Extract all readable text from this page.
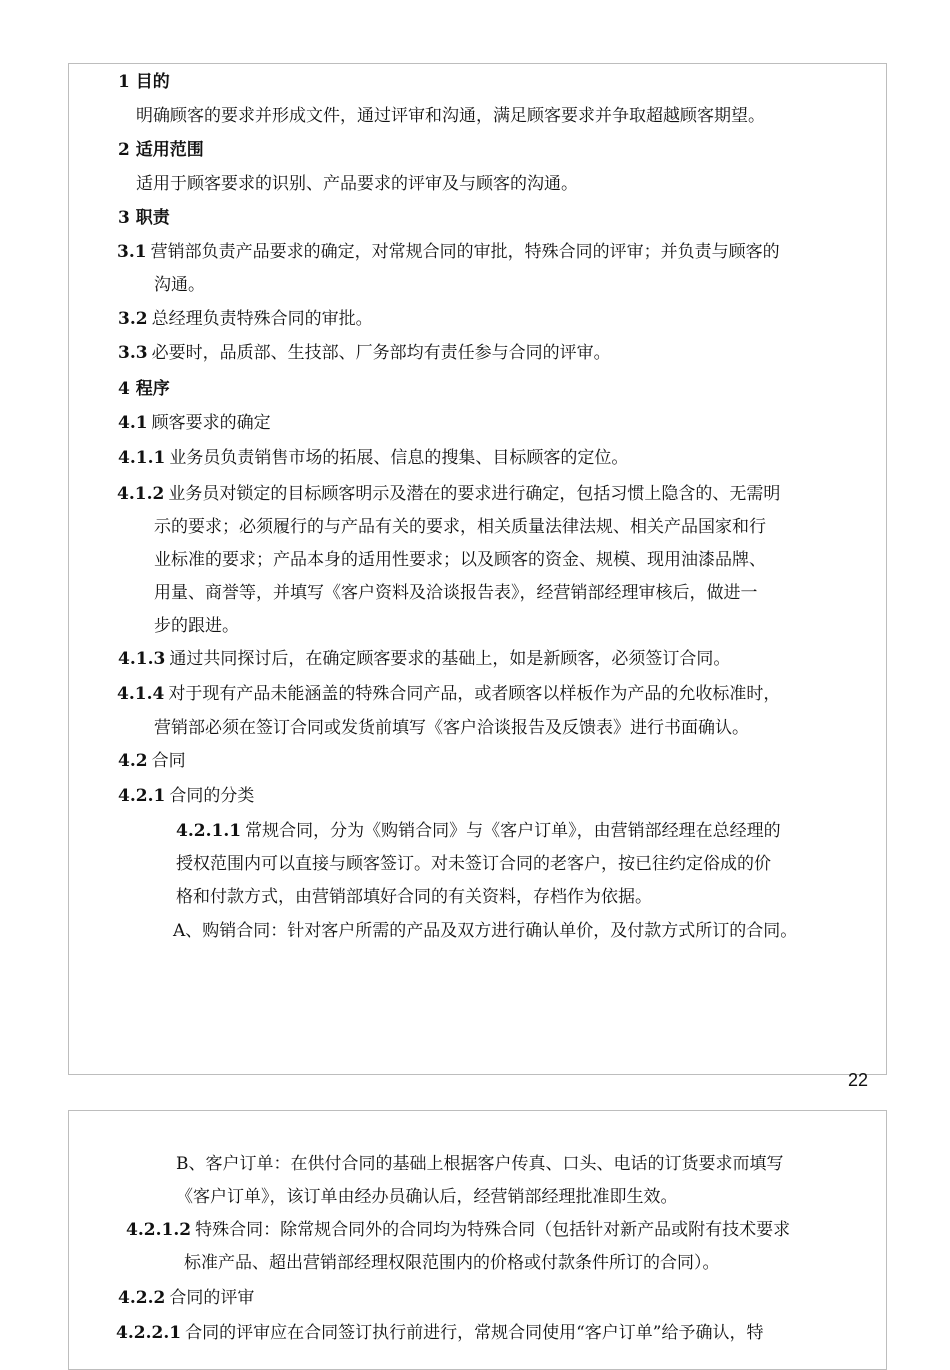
22
1 目的
明确顾客的要求并形成文件，通过评审和沟通，满足顾客要求并争取超越顾客期望。
2 适用范围
适用于顾客要求的识别、产品要求的评审及与顾客的沟通。
3 职责
3.1 营销部负责产品要求的确定，对常规合同的审批，特殊合同的评审；并负责与顾客的
沟通。
3.2 总经理负责特殊合同的审批。
3.3 必要时，品质部、生技部、厂务部均有责任参与合同的评审。
4 程序
4.1 顾客要求的确定
4.1.1 业务员负责销售市场的拓展、信息的搜集、目标顾客的定位。
4.1.2 业务员对锁定的目标顾客明示及潜在的要求进行确定，包括习惯上隐含的、无需明
示的要求；必须履行的与产品有关的要求，相关质量法律法规、相关产品国家和行
业标准的要求；产品本身的适用性要求；以及顾客的资金、规模、现用油漆品牌、
用量、商誉等，并填写《客户资料及洽谈报告表》，经营销部经理审核后，做进一
步的跟进。
4.1.3 通过共同探讨后，在确定顾客要求的基础上，如是新顾客，必须签订合同。
4.1.4 对于现有产品未能涵盖的特殊合同产品，或者顾客以样板作为产品的允收标准时，
营销部必须在签订合同或发货前填写《客户洽谈报告及反馈表》进行书面确认。
4.2 合同
4.2.1 合同的分类
4.2.1.1 常规合同，分为《购销合同》与《客户订单》，由营销部经理在总经理的
授权范围内可以直接与顾客签订。对未签订合同的老客户，按已往约定俗成的价
格和付款方式，由营销部填好合同的有关资料，存档作为依据。
A、购销合同：针对客户所需的产品及双方进行确认单价，及付款方式所订的合同。
B、客户订单：在供付合同的基础上根据客户传真、口头、电话的订货要求而填写
《客户订单》，该订单由经办员确认后，经营销部经理批准即生效。
4.2.1.2 特殊合同：除常规合同外的合同均为特殊合同（包括针对新产品或附有技术要求
标准产品、超出营销部经理权限范围内的价格或付款条件所订的合同）。
4.2.2 合同的评审
4.2.2.1 合同的评审应在合同签订执行前进行，常规合同使用“客户订单”给予确认，特
